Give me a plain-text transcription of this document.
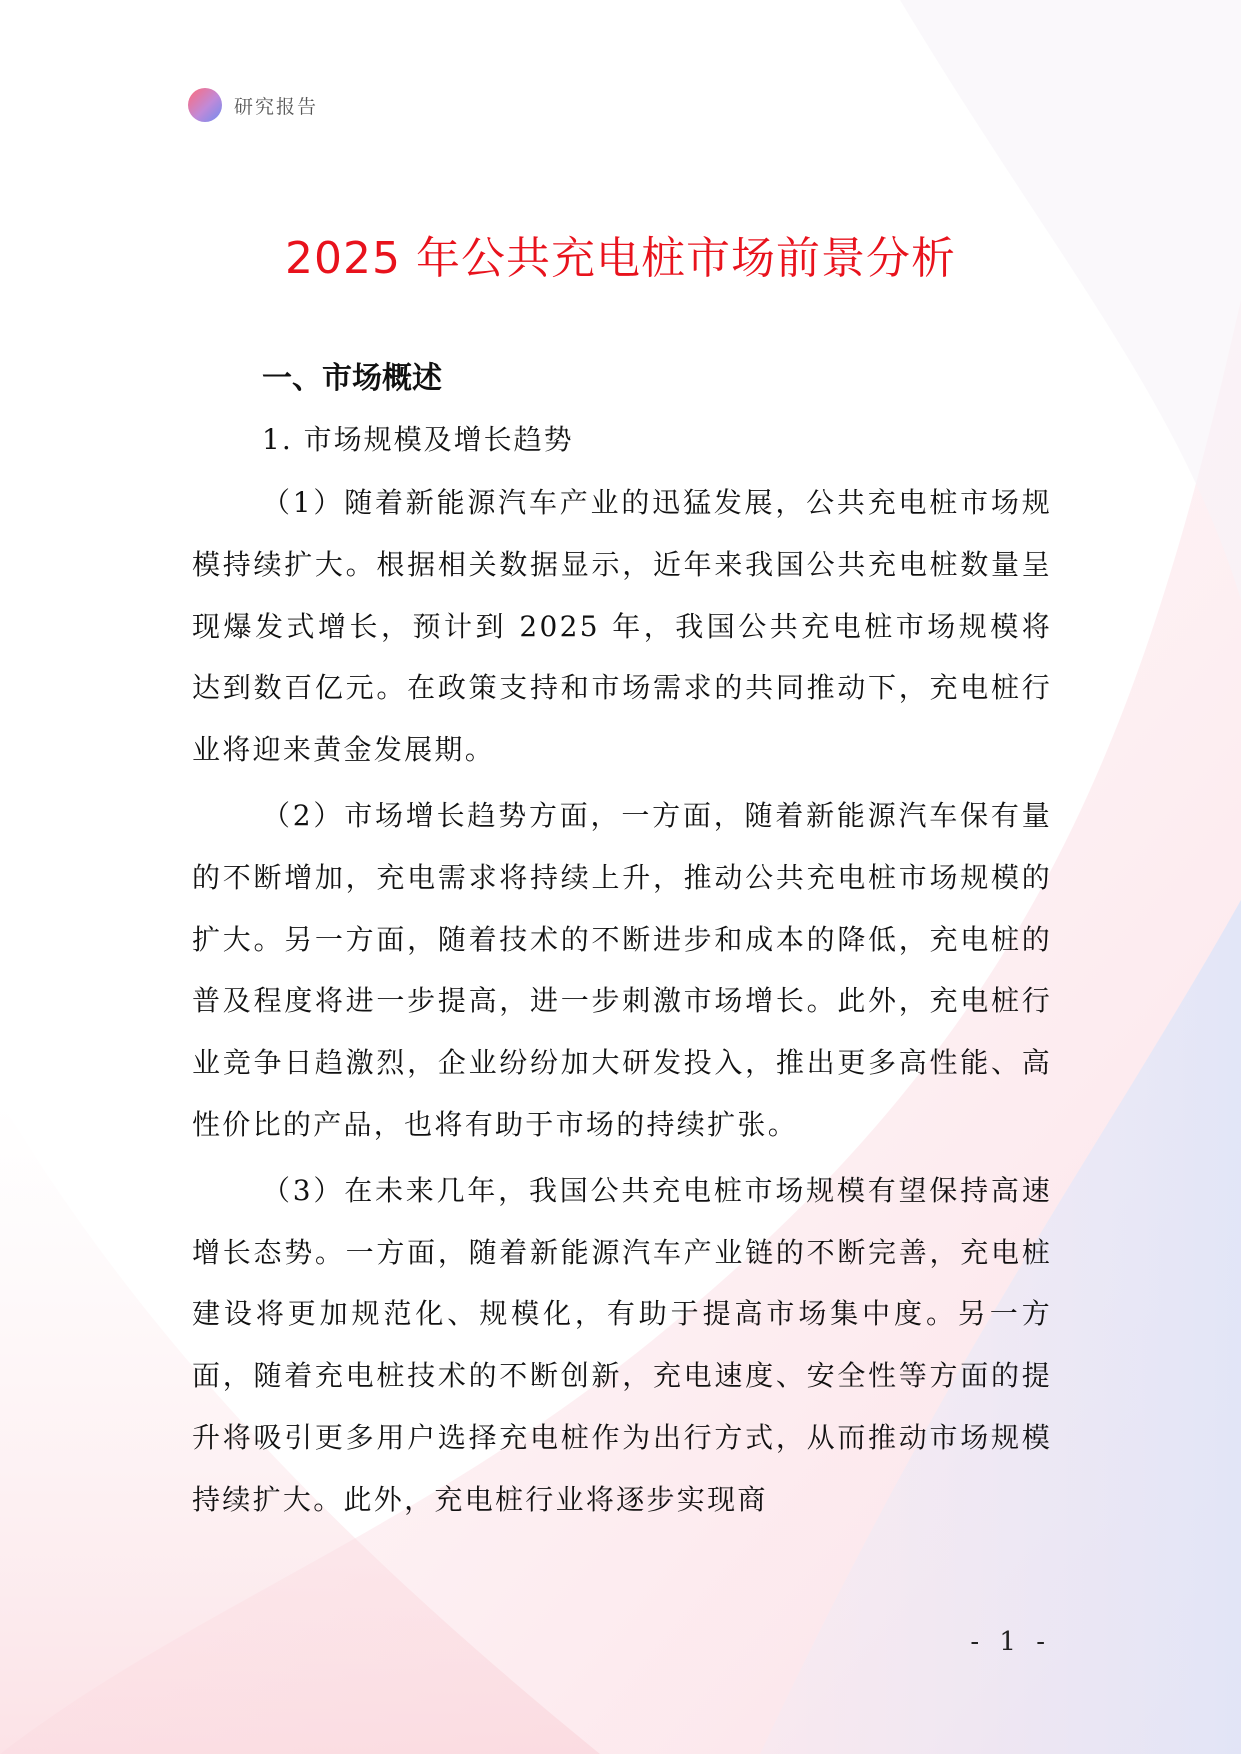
研究报告
2025 年公共充电桩市场前景分析
一、市场概述
1. 市场规模及增长趋势

（1）随着新能源汽车产业的迅猛发展，公共充电桩市场规模持续扩大。根据相关数据显示，近年来我国公共充电桩数量呈现爆发式增长，预计到 2025 年，我国公共充电桩市场规模将达到数百亿元。在政策支持和市场需求的共同推动下，充电桩行业将迎来黄金发展期。

（2）市场增长趋势方面，一方面，随着新能源汽车保有量的不断增加，充电需求将持续上升，推动公共充电桩市场规模的扩大。另一方面，随着技术的不断进步和成本的降低，充电桩的普及程度将进一步提高，进一步刺激市场增长。此外，充电桩行业竞争日趋激烈，企业纷纷加大研发投入，推出更多高性能、高性价比的产品，也将有助于市场的持续扩张。

（3）在未来几年，我国公共充电桩市场规模有望保持高速增长态势。一方面，随着新能源汽车产业链的不断完善，充电桩建设将更加规范化、规模化，有助于提高市场集中度。另一方面，随着充电桩技术的不断创新，充电速度、安全性等方面的提升将吸引更多用户选择充电桩作为出行方式，从而推动市场规模持续扩大。此外，充电桩行业将逐步实现商

- 1 -
